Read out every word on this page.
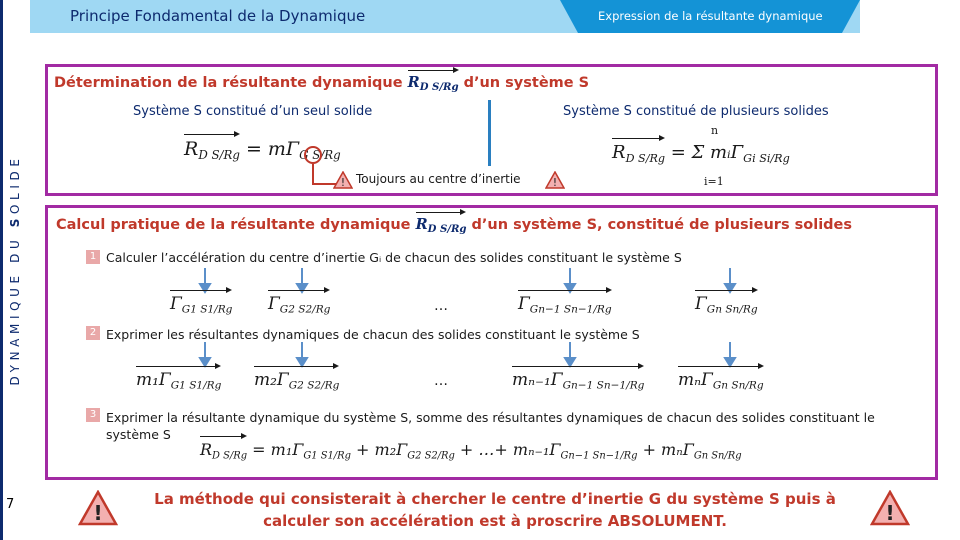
DYNAMIQUE DU SOLIDE
7
Principe Fondamental de la Dynamique	Expression de la résultante dynamique
Détermination de la résultante dynamique $R_{D S/Rg}$ d’un système S
Système S constitué d’un seul solide	Système S constitué de plusieurs solides
$R_{D S/Rg} = m\Gamma_{G S/Rg}$
! Toujours au centre d’inertie	!
$R_{D S/Rg} = \Sigma$ mᵢΓ$_{Gi Si/Rg}$
n
i=1
Calcul pratique de la résultante dynamique $R_{D S/Rg}$ d’un système S, constitué de plusieurs solides
1 Calculer l’accélération du centre d’inertie Gᵢ de chacun des solides constituant le système S
$\Gamma_{G1 S1/Rg}$ $\Gamma_{G2 S2/Rg}$	…	$\Gamma_{Gn-1 Sn-1/Rg}$	$\Gamma_{Gn Sn/Rg}$
2 Exprimer les résultantes dynamiques de chacun des solides constituant le système S
$m_1\Gamma_{G1 S1/Rg}$ $m_2\Gamma_{G2 S2/Rg}$	…	$m_{n-1}\Gamma_{Gn-1 Sn-1/Rg}$ mₙΓ$_{Gn Sn/Rg}$
3 Exprimer la résultante dynamique du système S, somme des résultantes dynamiques de chacun des solides constituant le système S
$R_{D S/Rg} = m_1\Gamma_{G1 S1/Rg} + m_2\Gamma_{G2 S2/Rg}$ + …+ $m_{n-1}\Gamma_{Gn-1 Sn-1/Rg} + m_n\Gamma_{Gn Sn/Rg}$
!
La méthode qui consisterait à chercher le centre d’inertie G du système S puis à calculer son accélération est à proscrire ABSOLUMENT.	!
